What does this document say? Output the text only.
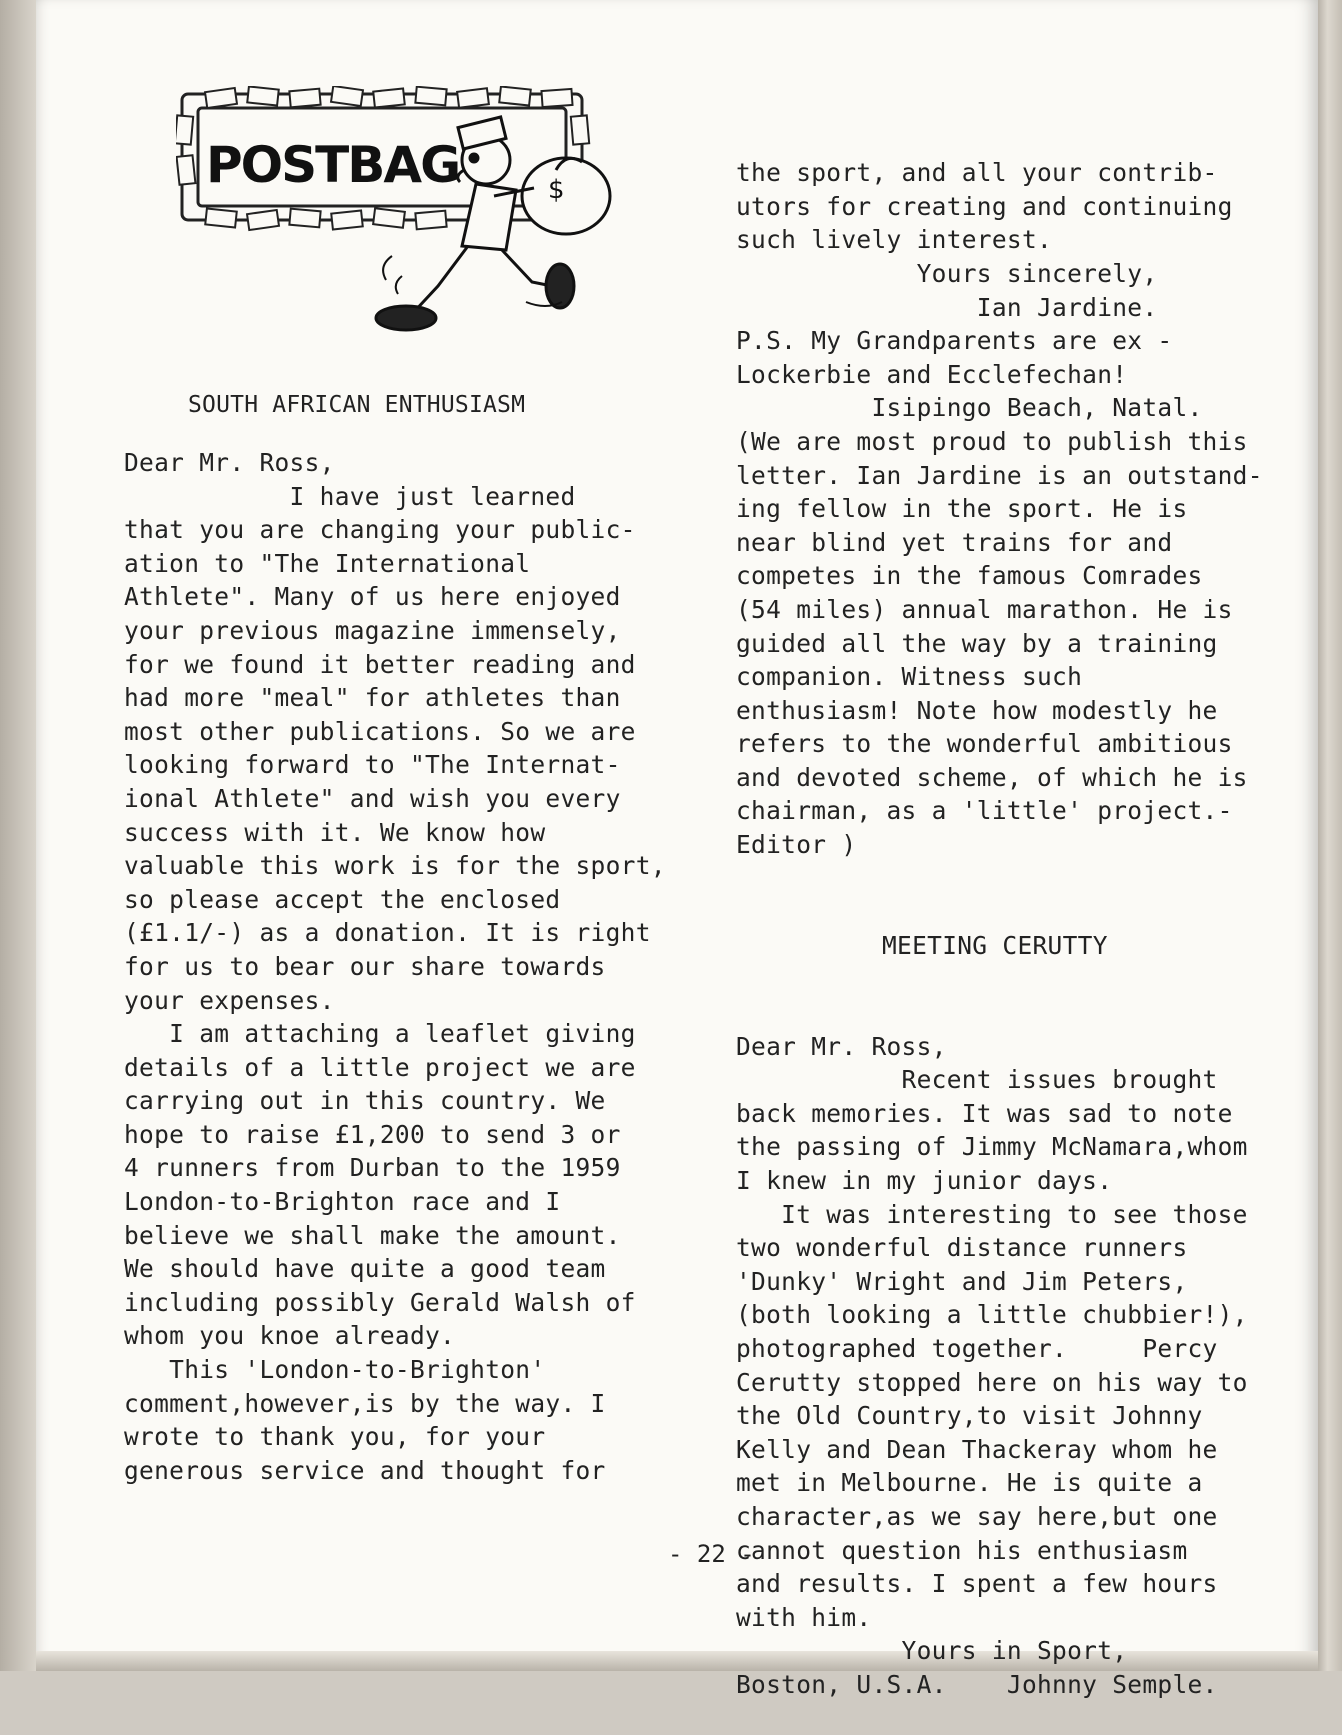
POSTBAG	$
SOUTH AFRICAN ENTHUSIASM
Dear Mr. Ross,
I have just learned
that you are changing your public-
ation to "The International
Athlete". Many of us here enjoyed
your previous magazine immensely,
for we found it better reading and
had more "meal" for athletes than
most other publications. So we are
looking forward to "The Internat-
ional Athlete" and wish you every
success with it. We know how
valuable this work is for the sport,
so please accept the enclosed
(£1.1/-) as a donation. It is right
for us to bear our share towards
your expenses.
I am attaching a leaflet giving
details of a little project we are
carrying out in this country. We
hope to raise £1,200 to send 3 or
4 runners from Durban to the 1959
London-to-Brighton race and I
believe we shall make the amount.
We should have quite a good team
including possibly Gerald Walsh of
whom you knoe already.
This 'London-to-Brighton'
comment,however,is by the way. I
wrote to thank you, for your
generous service and thought for

the sport, and all your contrib-
utors for creating and continuing
such lively interest.
Yours sincerely,
Ian Jardine.
P.S. My Grandparents are ex -
Lockerbie and Ecclefechan!
Isipingo Beach, Natal.
(We are most proud to publish this
letter. Ian Jardine is an outstand-
ing fellow in the sport. He is
near blind yet trains for and
competes in the famous Comrades
(54 miles) annual marathon. He is
guided all the way by a training
companion. Witness such
enthusiasm! Note how modestly he
refers to the wonderful ambitious
and devoted scheme, of which he is
chairman, as a 'little' project.-
Editor )

MEETING CERUTTY

Dear Mr. Ross,
Recent issues brought
back memories. It was sad to note
the passing of Jimmy McNamara,whom
I knew in my junior days.
It was interesting to see those
two wonderful distance runners
'Dunky' Wright and Jim Peters,
(both looking a little chubbier!),
photographed together.     Percy
Cerutty stopped here on his way to
the Old Country,to visit Johnny
Kelly and Dean Thackeray whom he
met in Melbourne. He is quite a
character,as we say here,but one
cannot question his enthusiasm
and results. I spent a few hours
with him.
Yours in Sport,
Boston, U.S.A.    Johnny Semple.

- 22 -
